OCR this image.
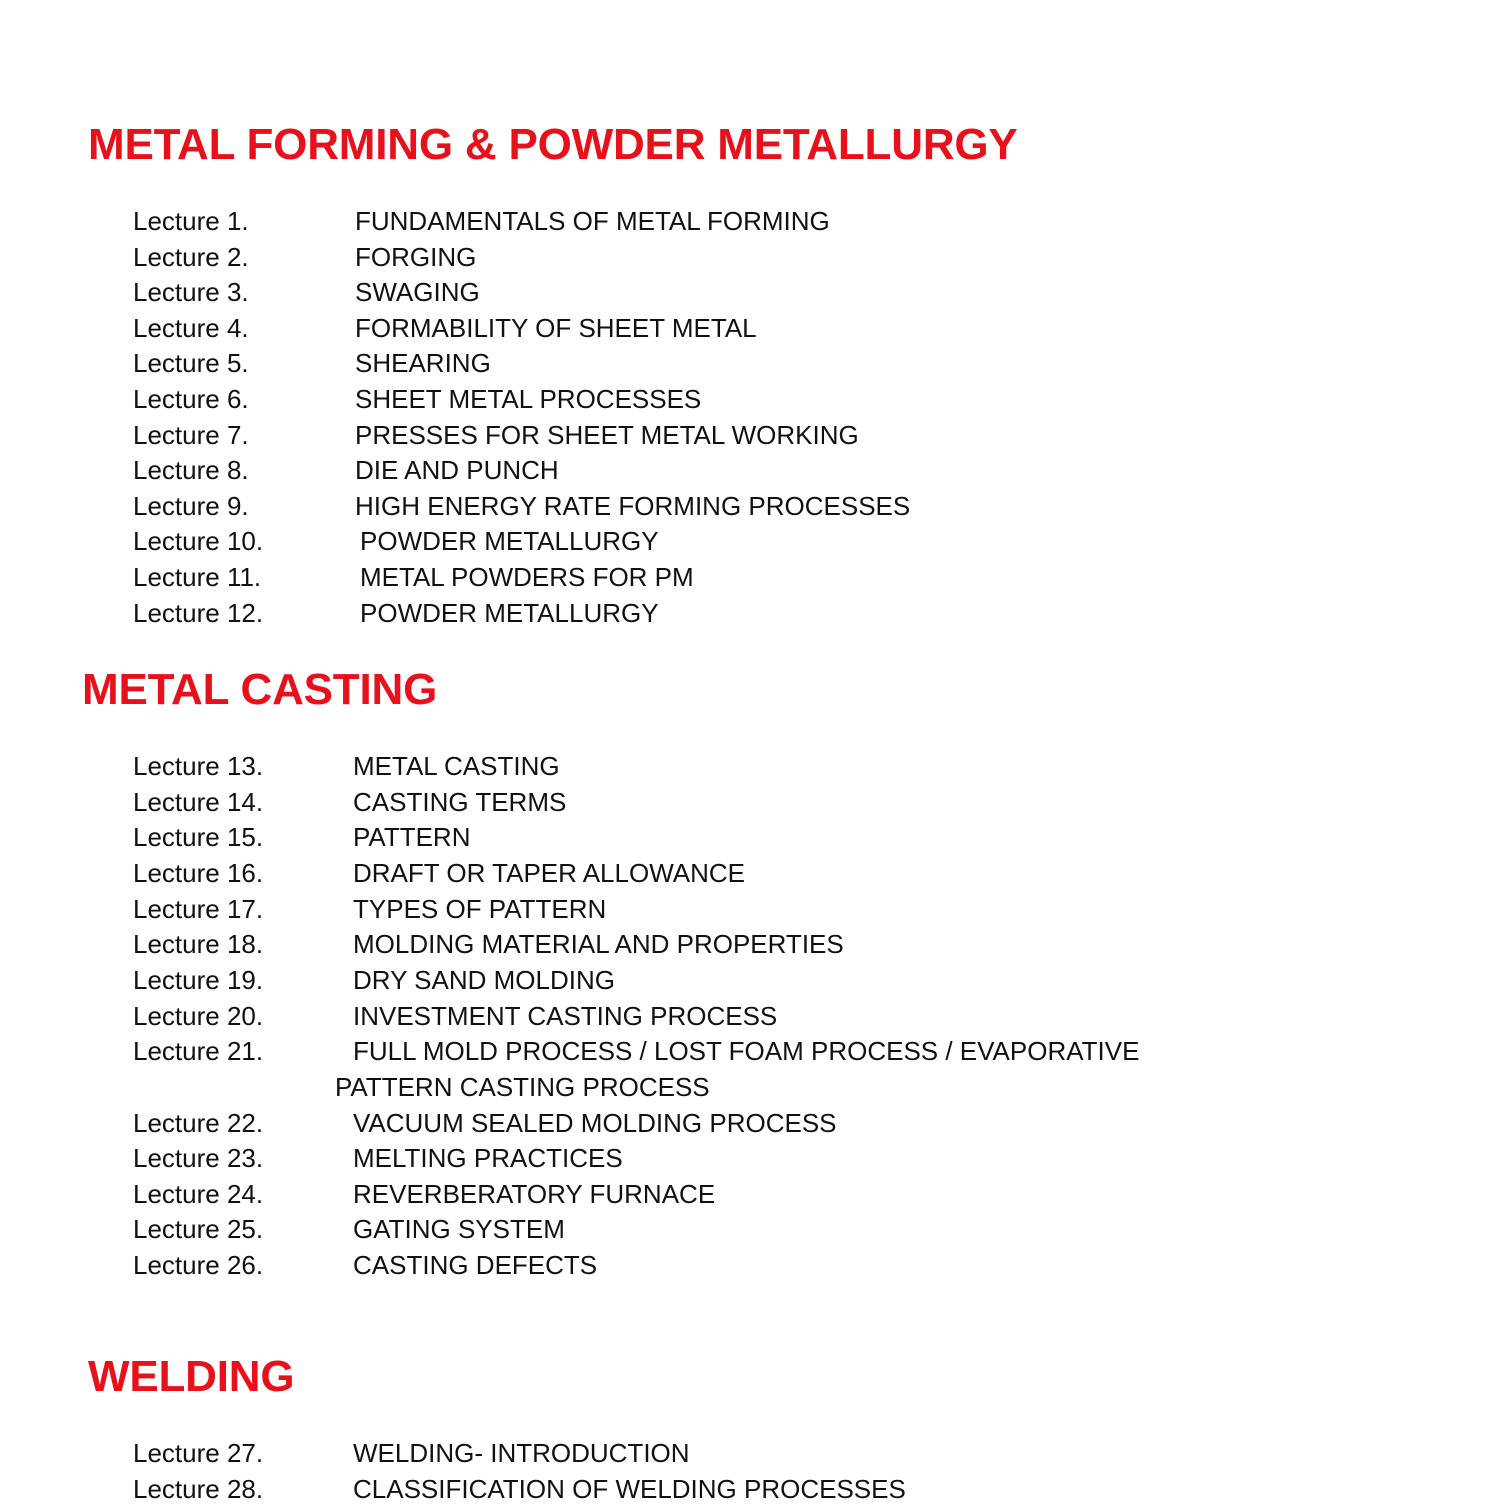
METAL FORMING & POWDER METALLURGY
Lecture 1.	FUNDAMENTALS OF METAL FORMING
Lecture 2.	FORGING
Lecture 3.	SWAGING
Lecture 4.	FORMABILITY OF SHEET METAL
Lecture 5.	SHEARING
Lecture 6.	SHEET METAL PROCESSES
Lecture 7.	PRESSES FOR SHEET METAL WORKING
Lecture 8.	DIE AND PUNCH
Lecture 9.	HIGH ENERGY RATE FORMING PROCESSES
Lecture 10.	POWDER METALLURGY
Lecture 11.	METAL POWDERS FOR PM
Lecture 12.	POWDER METALLURGY
METAL CASTING
Lecture 13.	METAL CASTING
Lecture 14.	CASTING TERMS
Lecture 15.	PATTERN
Lecture 16.	DRAFT OR TAPER ALLOWANCE
Lecture 17.	TYPES OF PATTERN
Lecture 18.	MOLDING MATERIAL AND PROPERTIES
Lecture 19.	DRY SAND MOLDING
Lecture 20.	INVESTMENT CASTING PROCESS
Lecture 21.	FULL MOLD PROCESS / LOST FOAM PROCESS / EVAPORATIVE
PATTERN CASTING PROCESS
Lecture 22.	VACUUM SEALED MOLDING PROCESS
Lecture 23.	MELTING PRACTICES
Lecture 24.	REVERBERATORY FURNACE
Lecture 25.	GATING SYSTEM
Lecture 26.	CASTING DEFECTS
WELDING
Lecture 27.	WELDING- INTRODUCTION
Lecture 28.	CLASSIFICATION OF WELDING PROCESSES
